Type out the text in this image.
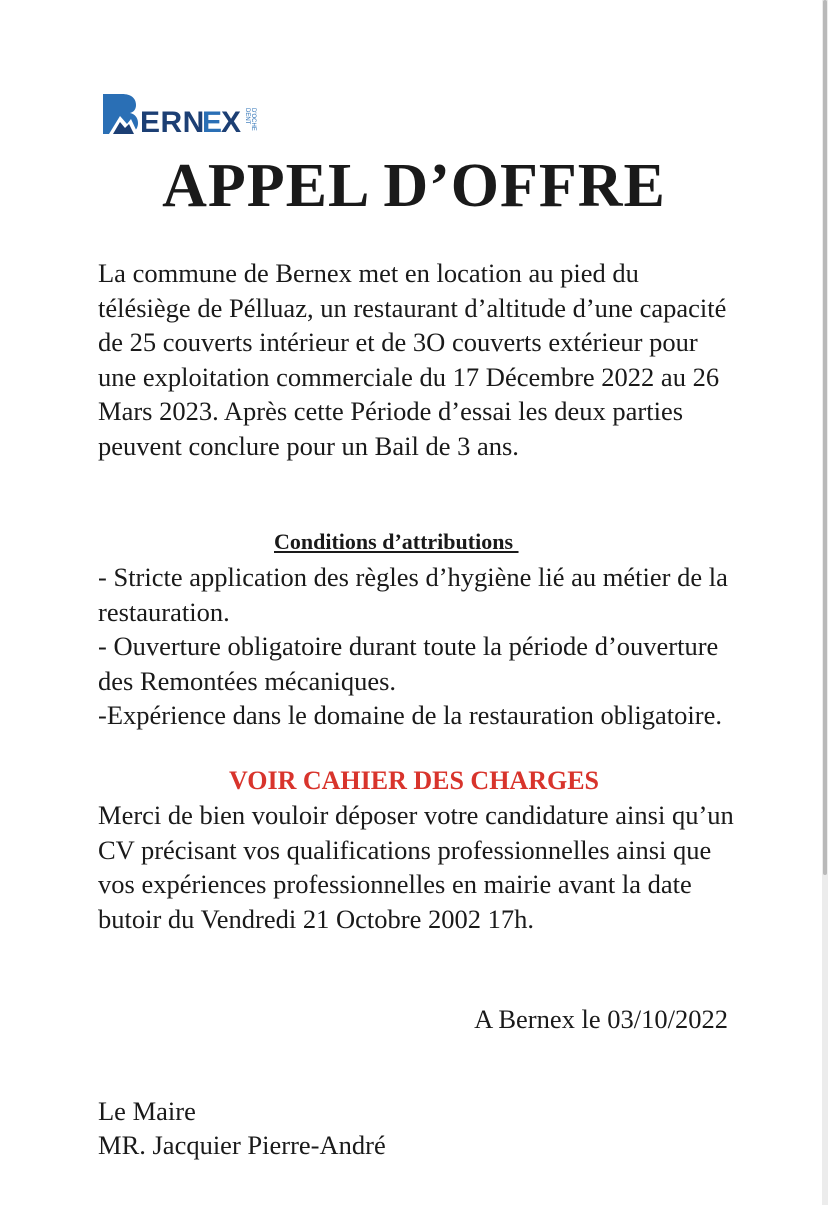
ERN
E
X DENT D'OCHE
APPEL D’OFFRE

La commune de Bernex met en location au pied du télésiège de Pélluaz, un restaurant d’altitude d’une capacité de 25 couverts intérieur et de 3O couverts extérieur pour une exploitation commerciale du 17 Décembre 2022 au 26 Mars 2023. Après cette Période d’essai les deux parties peuvent conclure pour un Bail de 3 ans.

Conditions d’attributions

- Stricte application des règles d’hygiène lié au métier de la restauration.

- Ouverture obligatoire durant toute la période d’ouverture des Remontées mécaniques.

-Expérience dans le domaine de la restauration obligatoire.

VOIR CAHIER DES CHARGES

Merci de bien vouloir déposer votre candidature ainsi qu’un CV précisant vos qualifications professionnelles ainsi que vos expériences professionnelles en mairie avant la date butoir du Vendredi 21 Octobre 2002 17h.

A Bernex le 03/10/2022
Le Maire
MR. Jacquier Pierre-André
